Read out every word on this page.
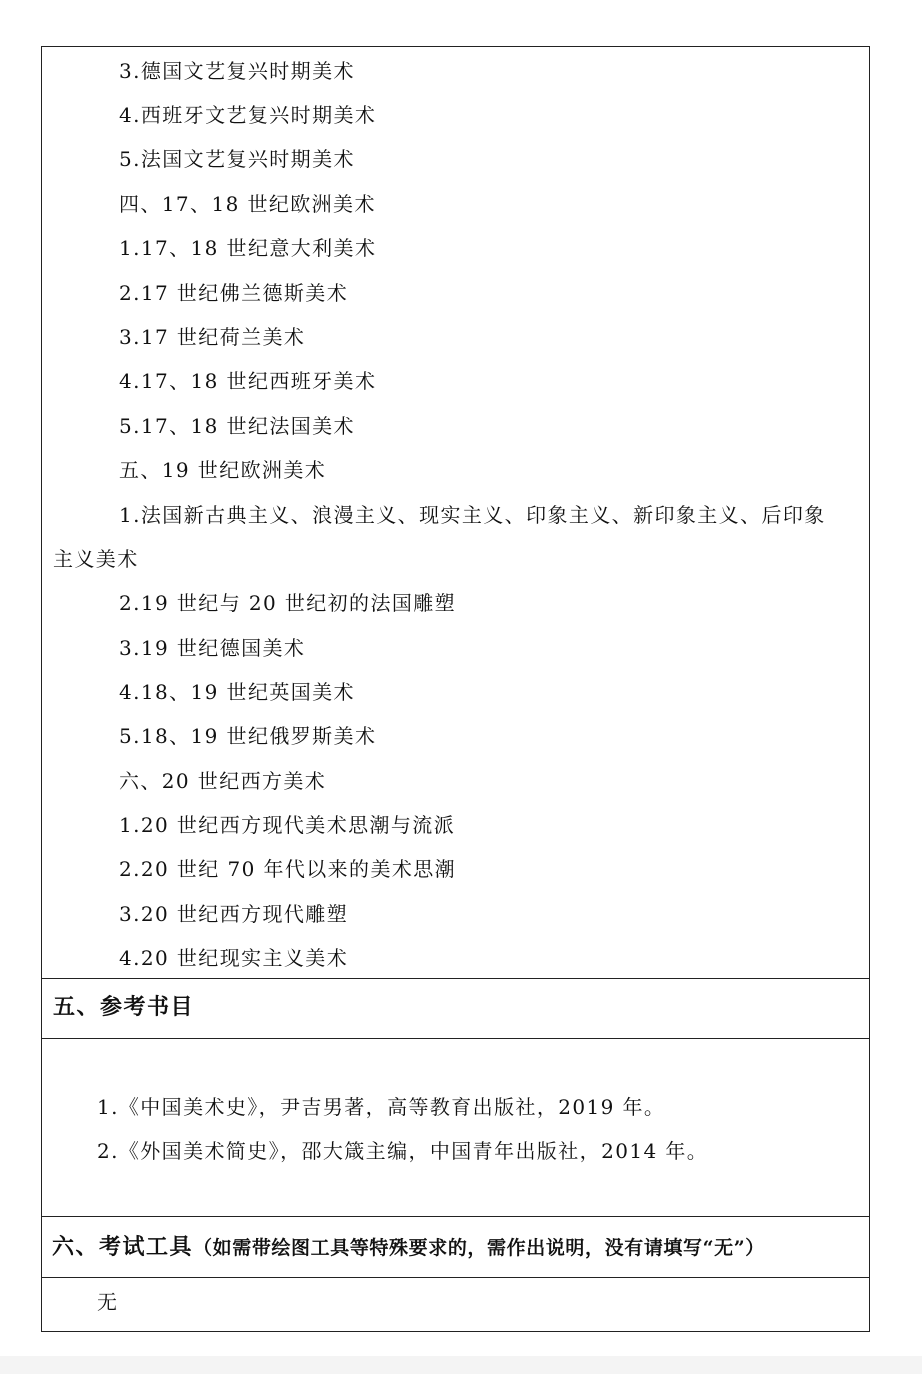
3.德国文艺复兴时期美术
4.西班牙文艺复兴时期美术
5.法国文艺复兴时期美术
四、17、18 世纪欧洲美术
1.17、18 世纪意大利美术
2.17 世纪佛兰德斯美术
3.17 世纪荷兰美术
4.17、18 世纪西班牙美术
5.17、18 世纪法国美术
五、19 世纪欧洲美术
1.法国新古典主义、浪漫主义、现实主义、印象主义、新印象主义、后印象
主义美术
2.19 世纪与 20 世纪初的法国雕塑
3.19 世纪德国美术
4.18、19 世纪英国美术
5.18、19 世纪俄罗斯美术
六、20 世纪西方美术
1.20 世纪西方现代美术思潮与流派
2.20 世纪 70 年代以来的美术思潮
3.20 世纪西方现代雕塑
4.20 世纪现实主义美术
五、参考书目
1.《中国美术史》，尹吉男著，高等教育出版社，2019 年。
2.《外国美术简史》，邵大箴主编，中国青年出版社，2014 年。
六、考试工具（如需带绘图工具等特殊要求的，需作出说明，没有请填写“无”）
无
